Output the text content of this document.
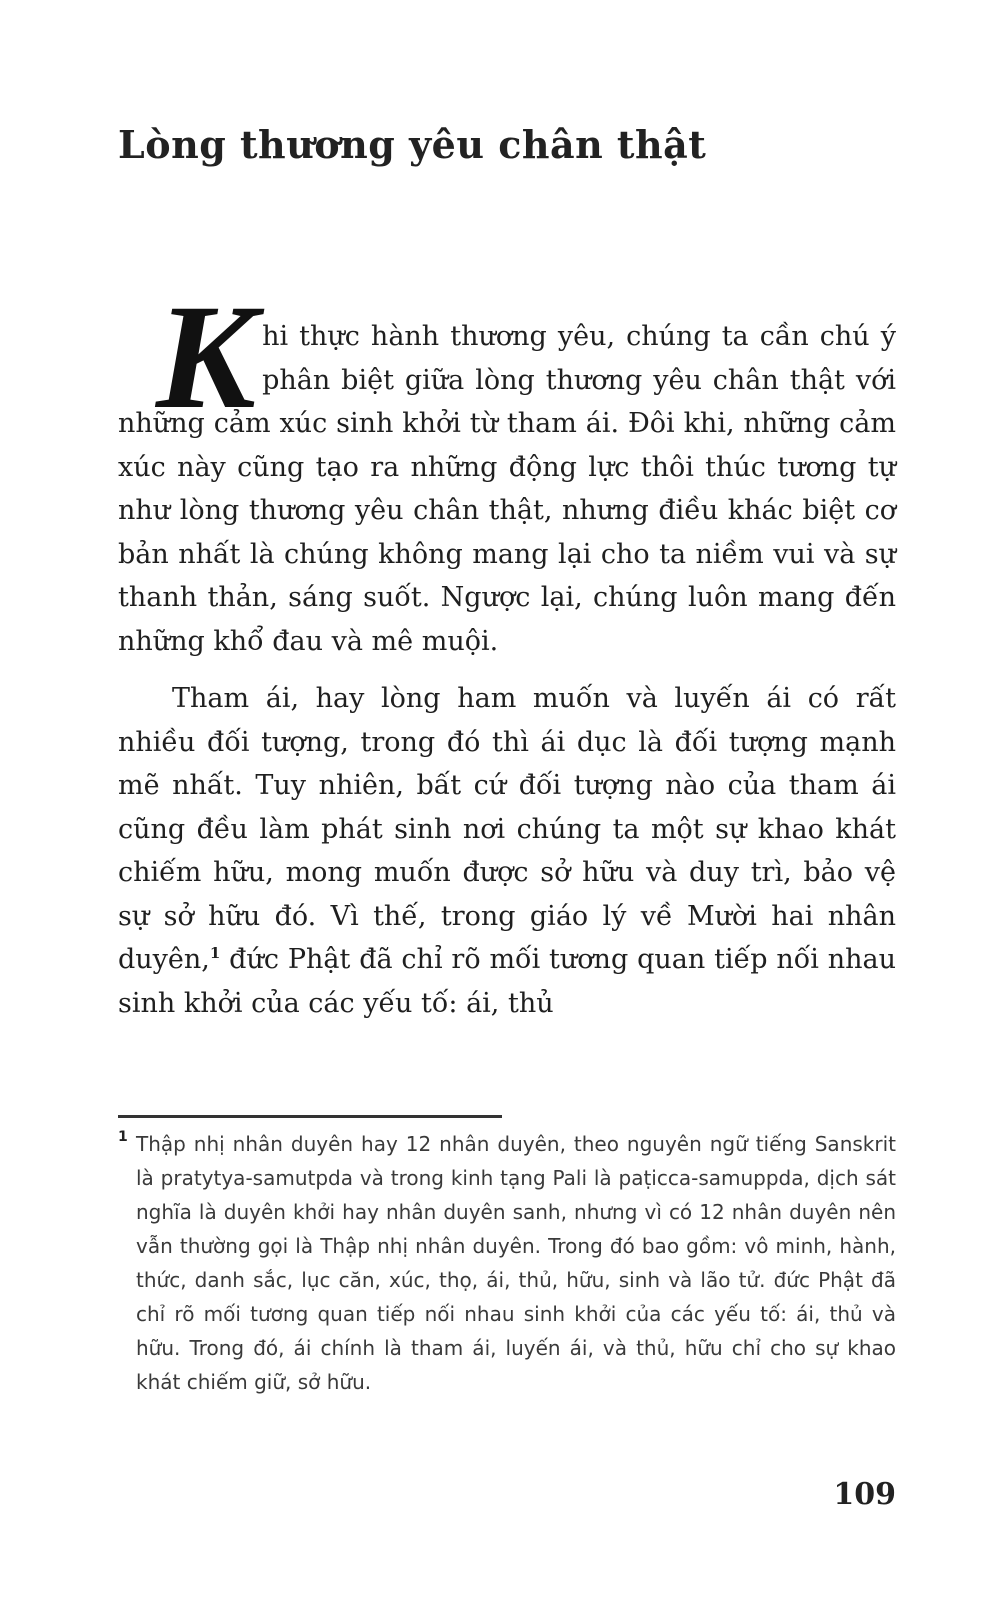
Lòng thương yêu chân thật

Khi thực hành thương yêu, chúng ta cần chú ý phân biệt giữa lòng thương yêu chân thật với những cảm xúc sinh khởi từ tham ái. Đôi khi, những cảm xúc này cũng tạo ra những động lực thôi thúc tương tự như lòng thương yêu chân thật, nhưng điều khác biệt cơ bản nhất là chúng không mang lại cho ta niềm vui và sự thanh thản, sáng suốt. Ngược lại, chúng luôn mang đến những khổ đau và mê muội.

Tham ái, hay lòng ham muốn và luyến ái có rất nhiều đối tượng, trong đó thì ái dục là đối tượng mạnh mẽ nhất. Tuy nhiên, bất cứ đối tượng nào của tham ái cũng đều làm phát sinh nơi chúng ta một sự khao khát chiếm hữu, mong muốn được sở hữu và duy trì, bảo vệ sự sở hữu đó. Vì thế, trong giáo lý về Mười hai nhân duyên,$^1$ đức Phật đã chỉ rõ mối tương quan tiếp nối nhau sinh khởi của các yếu tố: ái, thủ

1 Thập nhị nhân duyên hay 12 nhân duyên, theo nguyên ngữ tiếng Sanskrit là pratytya-samutpda và trong kinh tạng Pali là paṭicca-samuppda, dịch sát nghĩa là duyên khởi hay nhân duyên sanh, nhưng vì có 12 nhân duyên nên vẫn thường gọi là Thập nhị nhân duyên. Trong đó bao gồm: vô minh, hành, thức, danh sắc, lục căn, xúc, thọ, ái, thủ, hữu, sinh và lão tử. đức Phật đã chỉ rõ mối tương quan tiếp nối nhau sinh khởi của các yếu tố: ái, thủ và hữu. Trong đó, ái chính là tham ái, luyến ái, và thủ, hữu chỉ cho sự khao khát chiếm giữ, sở hữu.
109
